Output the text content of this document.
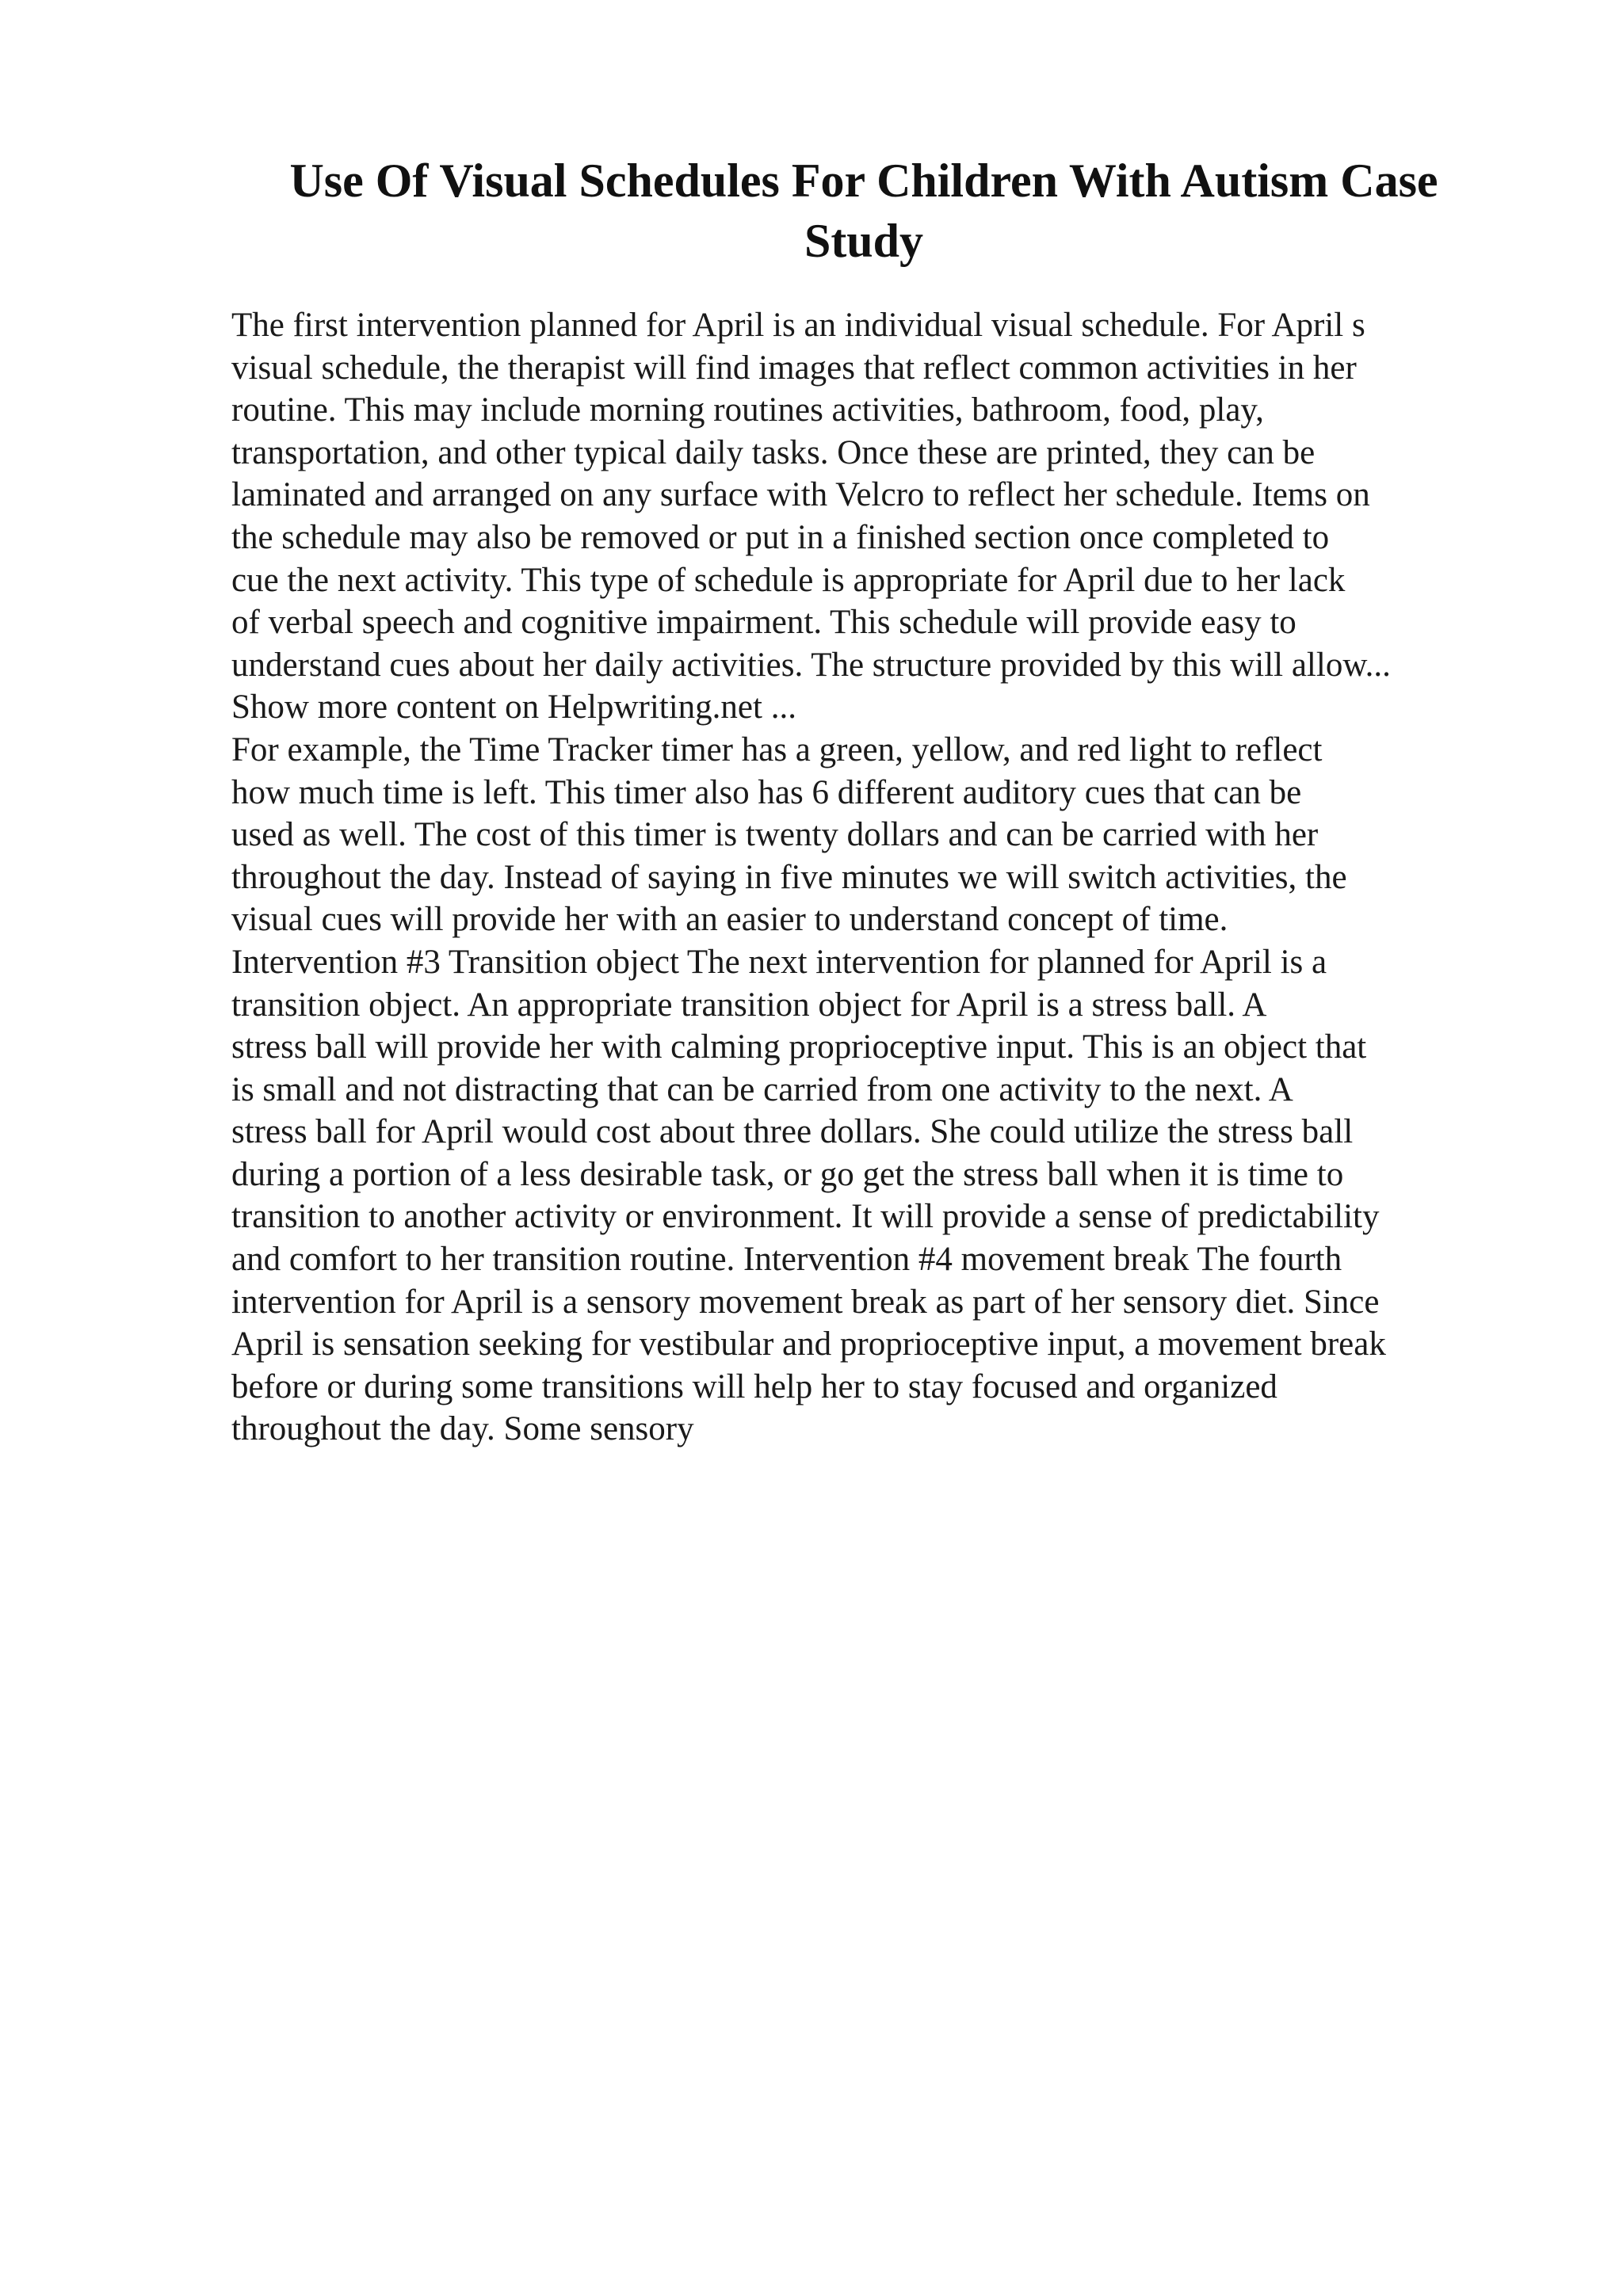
Use Of Visual Schedules For Children With Autism Case
Study
The first intervention planned for April is an individual visual schedule. For April s
visual schedule, the therapist will find images that reflect common activities in her
routine. This may include morning routines activities, bathroom, food, play,
transportation, and other typical daily tasks. Once these are printed, they can be
laminated and arranged on any surface with Velcro to reflect her schedule. Items on
the schedule may also be removed or put in a finished section once completed to
cue the next activity. This type of schedule is appropriate for April due to her lack
of verbal speech and cognitive impairment. This schedule will provide easy to
understand cues about her daily activities. The structure provided by this will allow...
Show more content on Helpwriting.net ...
For example, the Time Tracker timer has a green, yellow, and red light to reflect
how much time is left. This timer also has 6 different auditory cues that can be
used as well. The cost of this timer is twenty dollars and can be carried with her
throughout the day. Instead of saying in five minutes we will switch activities, the
visual cues will provide her with an easier to understand concept of time.
Intervention #3 Transition object The next intervention for planned for April is a
transition object. An appropriate transition object for April is a stress ball. A
stress ball will provide her with calming proprioceptive input. This is an object that
is small and not distracting that can be carried from one activity to the next. A
stress ball for April would cost about three dollars. She could utilize the stress ball
during a portion of a less desirable task, or go get the stress ball when it is time to
transition to another activity or environment. It will provide a sense of predictability
and comfort to her transition routine. Intervention #4 movement break The fourth
intervention for April is a sensory movement break as part of her sensory diet. Since
April is sensation seeking for vestibular and proprioceptive input, a movement break
before or during some transitions will help her to stay focused and organized
throughout the day. Some sensory
